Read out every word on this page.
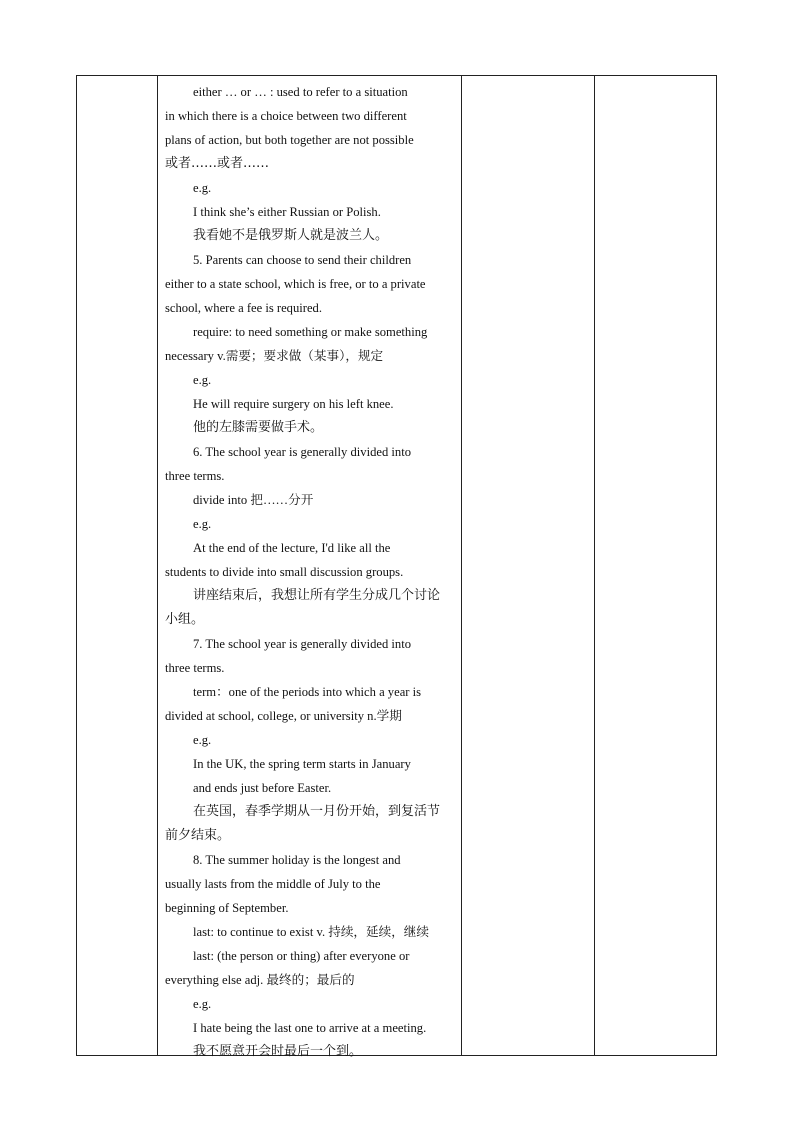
either … or … : used to refer to a situation
in which there is a choice between two different
plans of action, but both together are not possible
或者……或者……
e.g.
I think she’s either Russian or Polish.
我看她不是俄罗斯人就是波兰人。
5. Parents can choose to send their children
either to a state school, which is free, or to a private
school, where a fee is required.
require: to need something or make something
necessary v.需要；要求做（某事），规定
e.g.
He will require surgery on his left knee.
他的左膝需要做手术。
6. The school year is generally divided into
three terms.
divide into 把……分开
e.g.
At the end of the lecture, I'd like all the
students to divide into small discussion groups.
讲座结束后，我想让所有学生分成几个讨论
小组。
7. The school year is generally divided into
three terms.
term：one of the periods into which a year is
divided at school, college, or university n.学期
e.g.
In the UK, the spring term starts in January
and ends just before Easter.
在英国，春季学期从一月份开始，到复活节
前夕结束。
8. The summer holiday is the longest and
usually lasts from the middle of July to the
beginning of September.
last: to continue to exist v. 持续，延续，继续
last: (the person or thing) after everyone or
everything else adj. 最终的；最后的
e.g.
I hate being the last one to arrive at a meeting.
我不愿意开会时最后一个到。
